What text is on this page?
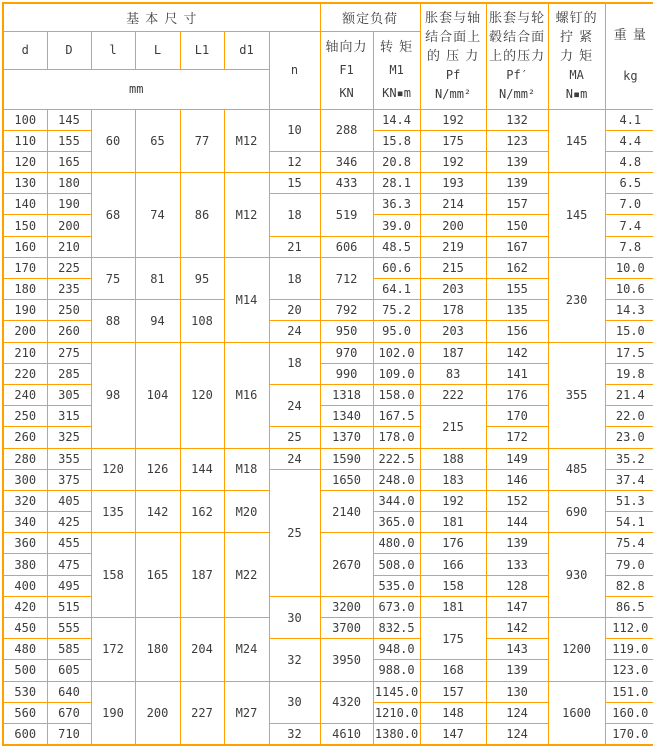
基 本 尺 寸							额定负荷		胀套与轴
结合面上
的 压 力
Pf
N/mm²	胀套与轮
毂结合面
上的压力
Pf′
N/mm²	螺钉的
拧 紧
力 矩
MA
N▪m	重 量
kg

d	D	l	L	L1	d1	n	轴向力
F1
KN	转 矩
M1
KN▪m				

mm												
100	145	60	65	77	M12	10	288	14.4	192	132	145	4.1
110	155							15.8	175	123		4.4
120	165					12	346	20.8	192	139		4.8
130	180	68	74	86	M12	15	433	28.1	193	139	145	6.5
140	190					18	519	36.3	214	157		7.0
150	200							39.0	200	150		7.4
160	210					21	606	48.5	219	167		7.8
170	225	75	81	95	M14	18	712	60.6	215	162	230	10.0
180	235							64.1	203	155		10.6
190	250	88	94	108		20	792	75.2	178	135		14.3
200	260					24	950	95.0	203	156		15.0
210	275	98	104	120	M16	18	970	102.0	187	142	355	17.5
220	285						990	109.0	83	141		19.8
240	305					24	1318	158.0	222	176		21.4
250	315						1340	167.5	215	170		22.0
260	325					25	1370	178.0		172		23.0
280	355	120	126	144	M18	24	1590	222.5	188	149	485	35.2
300	375					25	1650	248.0	183	146		37.4
320	405	135	142	162	M20		2140	344.0	192	152	690	51.3
340	425							365.0	181	144		54.1
360	455	158	165	187	M22		2670	480.0	176	139	930	75.4
380	475							508.0	166	133		79.0
400	495							535.0	158	128		82.8
420	515					30	3200	673.0	181	147		86.5
450	555	172	180	204	M24		3700	832.5	175	142	1200	112.0
480	585					32	3950	948.0		143		119.0
500	605							988.0	168	139		123.0
530	640	190	200	227	M27	30	4320	1145.0	157	130	1600	151.0
560	670							1210.0	148	124		160.0
600	710					32	4610	1380.0	147	124		170.0
